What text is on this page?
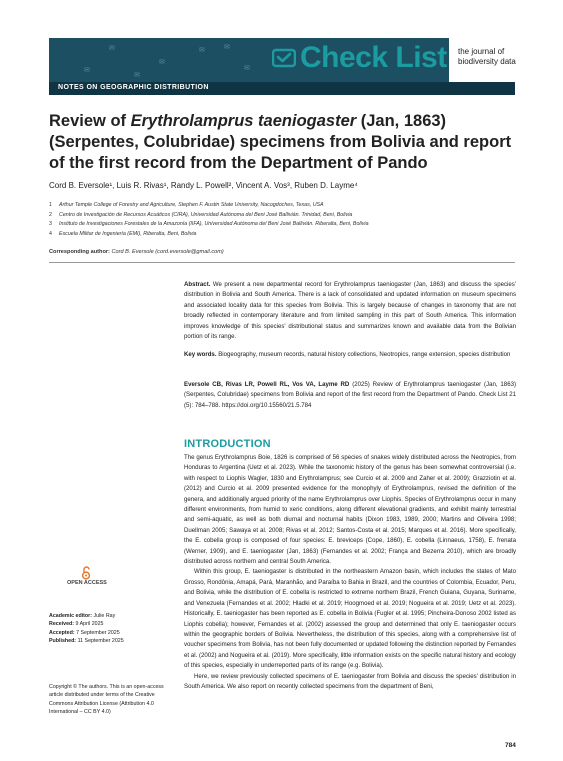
✉
✉
✉
✉	✉
✉
✉
NOTES ON GEOGRAPHIC DISTRIBUTION
Check List the journal of
biodiversity data
Review of Erythrolamprus taeniogaster (Jan, 1863) (Serpentes, Colubridae) specimens from Bolivia and report of the first record from the Department of Pando
Cord B. Eversole¹, Luis R. Rivas¹, Randy L. Powell², Vincent A. Vos³, Ruben D. Layme⁴
1 Arthur Temple College of Forestry and Agriculture, Stephen F. Austin State University, Nacogdoches, Texas, USA
2 Centro de Investigación de Recursos Acuáticos (CIRA), Universidad Autónoma del Beni José Ballivián. Trinidad, Beni, Bolivia
3 Instituto de Investigaciones Forestales de la Amazonía (IIFA), Universidad Autónoma del Beni José Ballivián. Riberalta, Beni, Bolivia
4 Escuela Militar de Ingeniería (EMI), Riberalta, Beni, Bolivia
Corresponding author: Cord B. Eversole (cord.eversole@gmail.com)
Abstract. We present a new departmental record for Erythrolamprus taeniogaster (Jan, 1863) and discuss the species' distribution in Bolivia and South America. There is a lack of consolidated and updated information on museum specimens and associated locality data for this species from Bolivia. This is largely because of changes in taxonomy that are not broadly reflected in contemporary literature and from limited sampling in this part of South America. This information improves knowledge of this species' distributional status and summarizes known and available data from the Bolivian portion of its range.
Key words. Biogeography, museum records, natural history collections, Neotropics, range extension, species distribution
Eversole CB, Rivas LR, Powell RL, Vos VA, Layme RD (2025) Review of Erythrolamprus taeniogaster (Jan, 1863) (Serpentes, Colubridae) specimens from Bolivia and report of the first record from the Department of Pando. Check List 21 (5): 784–788. https://doi.org/10.15560/21.5.784
INTRODUCTION

The genus Erythrolamprus Boie, 1826 is comprised of 56 species of snakes widely distributed across the Neotropics, from Honduras to Argentina (Uetz et al. 2023). While the taxonomic history of the genus has been somewhat controversial (i.e. with respect to Liophis Wagler, 1830 and Erythrolamprus; see Curcio et al. 2009 and Zaher et al. 2009); Grazziotin et al. (2012) and Curcio et al. 2009 presented evidence for the monophyly of Erythrolamprus, revised the definition of the genera, and additionally argued priority of the name Erythrolamprus over Liophis. Species of Erythrolamprus occur in many different environments, from humid to xeric conditions, along different elevational gradients, and exhibit mainly terrestrial and semi-aquatic, as well as both diurnal and nocturnal habits (Dixon 1983, 1989, 2000; Martins and Oliveira 1998; Duellman 2005; Sawaya et al. 2008; Rivas et al. 2012; Santos-Costa et al. 2015; Marques et al. 2016). More specifically, the E. cobella group is composed of four species: E. breviceps (Cope, 1860), E. cobella (Linnaeus, 1758), E. frenata (Werner, 1909), and E. taeniogaster (Jan, 1863) (Fernandes et al. 2002; França and Bezerra 2010), which are broadly distributed across northern and central South America.

Within this group, E. taeniogaster is distributed in the northeastern Amazon basin, which includes the states of Mato Grosso, Rondônia, Amapá, Pará, Maranhão, and Paraíba to Bahia in Brazil, and the countries of Colombia, Ecuador, Peru, and Bolivia, while the distribution of E. cobella is restricted to extreme northern Brazil, French Guiana, Guyana, Suriname, and Venezuela (Fernandes et al. 2002; Hladki et al. 2019; Hoogmoed et al. 2019; Nogueira et al. 2019; Uetz et al. 2023). Historically, E. taeniogaster has been reported as E. cobella in Bolivia (Fugler et al. 1995; Pincheira-Donoso 2002 listed as Liophis cobella); however, Fernandes et al. (2002) assessed the group and determined that only E. taeniogaster occurs within the geographic borders of Bolivia. Nevertheless, the distribution of this species, along with a comprehensive list of voucher specimens from Bolivia, has not been fully documented or updated following the distinction reported by Fernandes et al. (2002) and Nogueira et al. (2019). More specifically, little information exists on the specific natural history and ecology of this species, especially in underreported parts of its range (e.g. Bolivia).

Here, we review previously collected specimens of E. taeniogaster from Bolivia and discuss the species' distribution in South America. We also report on recently collected specimens from the department of Beni,

OPEN ACCESS
Academic editor: Julie Ray
Received: 9 April 2025
Accepted: 7 September 2025
Published: 11 September 2025
Copyright © The authors. This is an open-access article distributed under terms of the Creative Commons Attribution License (Attribution 4.0 International – CC BY 4.0)
784
